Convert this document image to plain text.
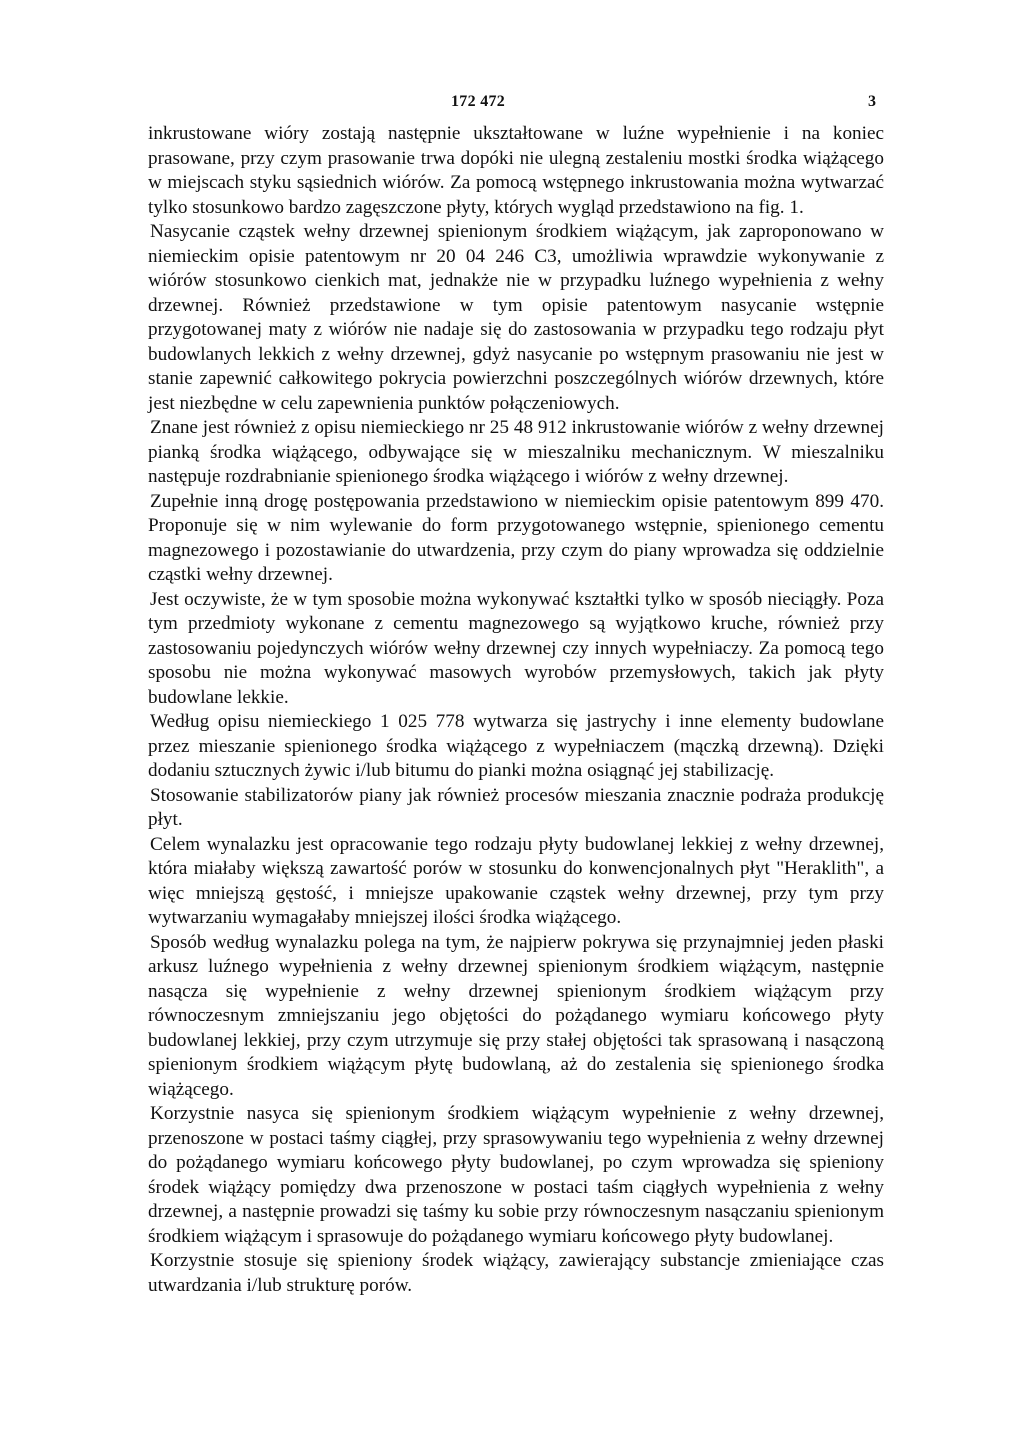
172 472	3

inkrustowane wióry zostają następnie ukształtowane w luźne wypełnienie i na koniec prasowane, przy czym prasowanie trwa dopóki nie ulegną zestaleniu mostki środka wiążącego w miejscach styku sąsiednich wiórów. Za pomocą wstępnego inkrustowania można wytwarzać tylko stosunkowo bardzo zagęszczone płyty, których wygląd przedstawiono na fig. 1.

Nasycanie cząstek wełny drzewnej spienionym środkiem wiążącym, jak zaproponowano w niemieckim opisie patentowym nr 20 04 246 C3, umożliwia wprawdzie wykonywanie z wiórów stosunkowo cienkich mat, jednakże nie w przypadku luźnego wypełnienia z wełny drzewnej. Również przedstawione w tym opisie patentowym nasycanie wstępnie przygotowanej maty z wiórów nie nadaje się do zastosowania w przypadku tego rodzaju płyt budowlanych lekkich z wełny drzewnej, gdyż nasycanie po wstępnym prasowaniu nie jest w stanie zapewnić całkowitego pokrycia powierzchni poszczególnych wiórów drzewnych, które jest niezbędne w celu zapewnienia punktów połączeniowych.

Znane jest również z opisu niemieckiego nr 25 48 912 inkrustowanie wiórów z wełny drzewnej pianką środka wiążącego, odbywające się w mieszalniku mechanicznym. W mieszalniku następuje rozdrabnianie spienionego środka wiążącego i wiórów z wełny drzewnej.

Zupełnie inną drogę postępowania przedstawiono w niemieckim opisie patentowym 899 470. Proponuje się w nim wylewanie do form przygotowanego wstępnie, spienionego cementu magnezowego i pozostawianie do utwardzenia, przy czym do piany wprowadza się oddzielnie cząstki wełny drzewnej.

Jest oczywiste, że w tym sposobie można wykonywać kształtki tylko w sposób nieciągły. Poza tym przedmioty wykonane z cementu magnezowego są wyjątkowo kruche, również przy zastosowaniu pojedynczych wiórów wełny drzewnej czy innych wypełniaczy. Za pomocą tego sposobu nie można wykonywać masowych wyrobów przemysłowych, takich jak płyty budowlane lekkie.

Według opisu niemieckiego 1 025 778 wytwarza się jastrychy i inne elementy budowlane przez mieszanie spienionego środka wiążącego z wypełniaczem (mączką drzewną). Dzięki dodaniu sztucznych żywic i/lub bitumu do pianki można osiągnąć jej stabilizację.

Stosowanie stabilizatorów piany jak również procesów mieszania znacznie podraża produkcję płyt.

Celem wynalazku jest opracowanie tego rodzaju płyty budowlanej lekkiej z wełny drzewnej, która miałaby większą zawartość porów w stosunku do konwencjonalnych płyt "Heraklith", a więc mniejszą gęstość, i mniejsze upakowanie cząstek wełny drzewnej, przy tym przy wytwarzaniu wymagałaby mniejszej ilości środka wiążącego.

Sposób według wynalazku polega na tym, że najpierw pokrywa się przynajmniej jeden płaski arkusz luźnego wypełnienia z wełny drzewnej spienionym środkiem wiążącym, następnie nasącza się wypełnienie z wełny drzewnej spienionym środkiem wiążącym przy równoczesnym zmniejszaniu jego objętości do pożądanego wymiaru końcowego płyty budowlanej lekkiej, przy czym utrzymuje się przy stałej objętości tak sprasowaną i nasączoną spienionym środkiem wiążącym płytę budowlaną, aż do zestalenia się spienionego środka wiążącego.

Korzystnie nasyca się spienionym środkiem wiążącym wypełnienie z wełny drzewnej, przenoszone w postaci taśmy ciągłej, przy sprasowywaniu tego wypełnienia z wełny drzewnej do pożądanego wymiaru końcowego płyty budowlanej, po czym wprowadza się spieniony środek wiążący pomiędzy dwa przenoszone w postaci taśm ciągłych wypełnienia z wełny drzewnej, a następnie prowadzi się taśmy ku sobie przy równoczesnym nasączaniu spienionym środkiem wiążącym i sprasowuje do pożądanego wymiaru końcowego płyty budowlanej.

Korzystnie stosuje się spieniony środek wiążący, zawierający substancje zmieniające czas utwardzania i/lub strukturę porów.
